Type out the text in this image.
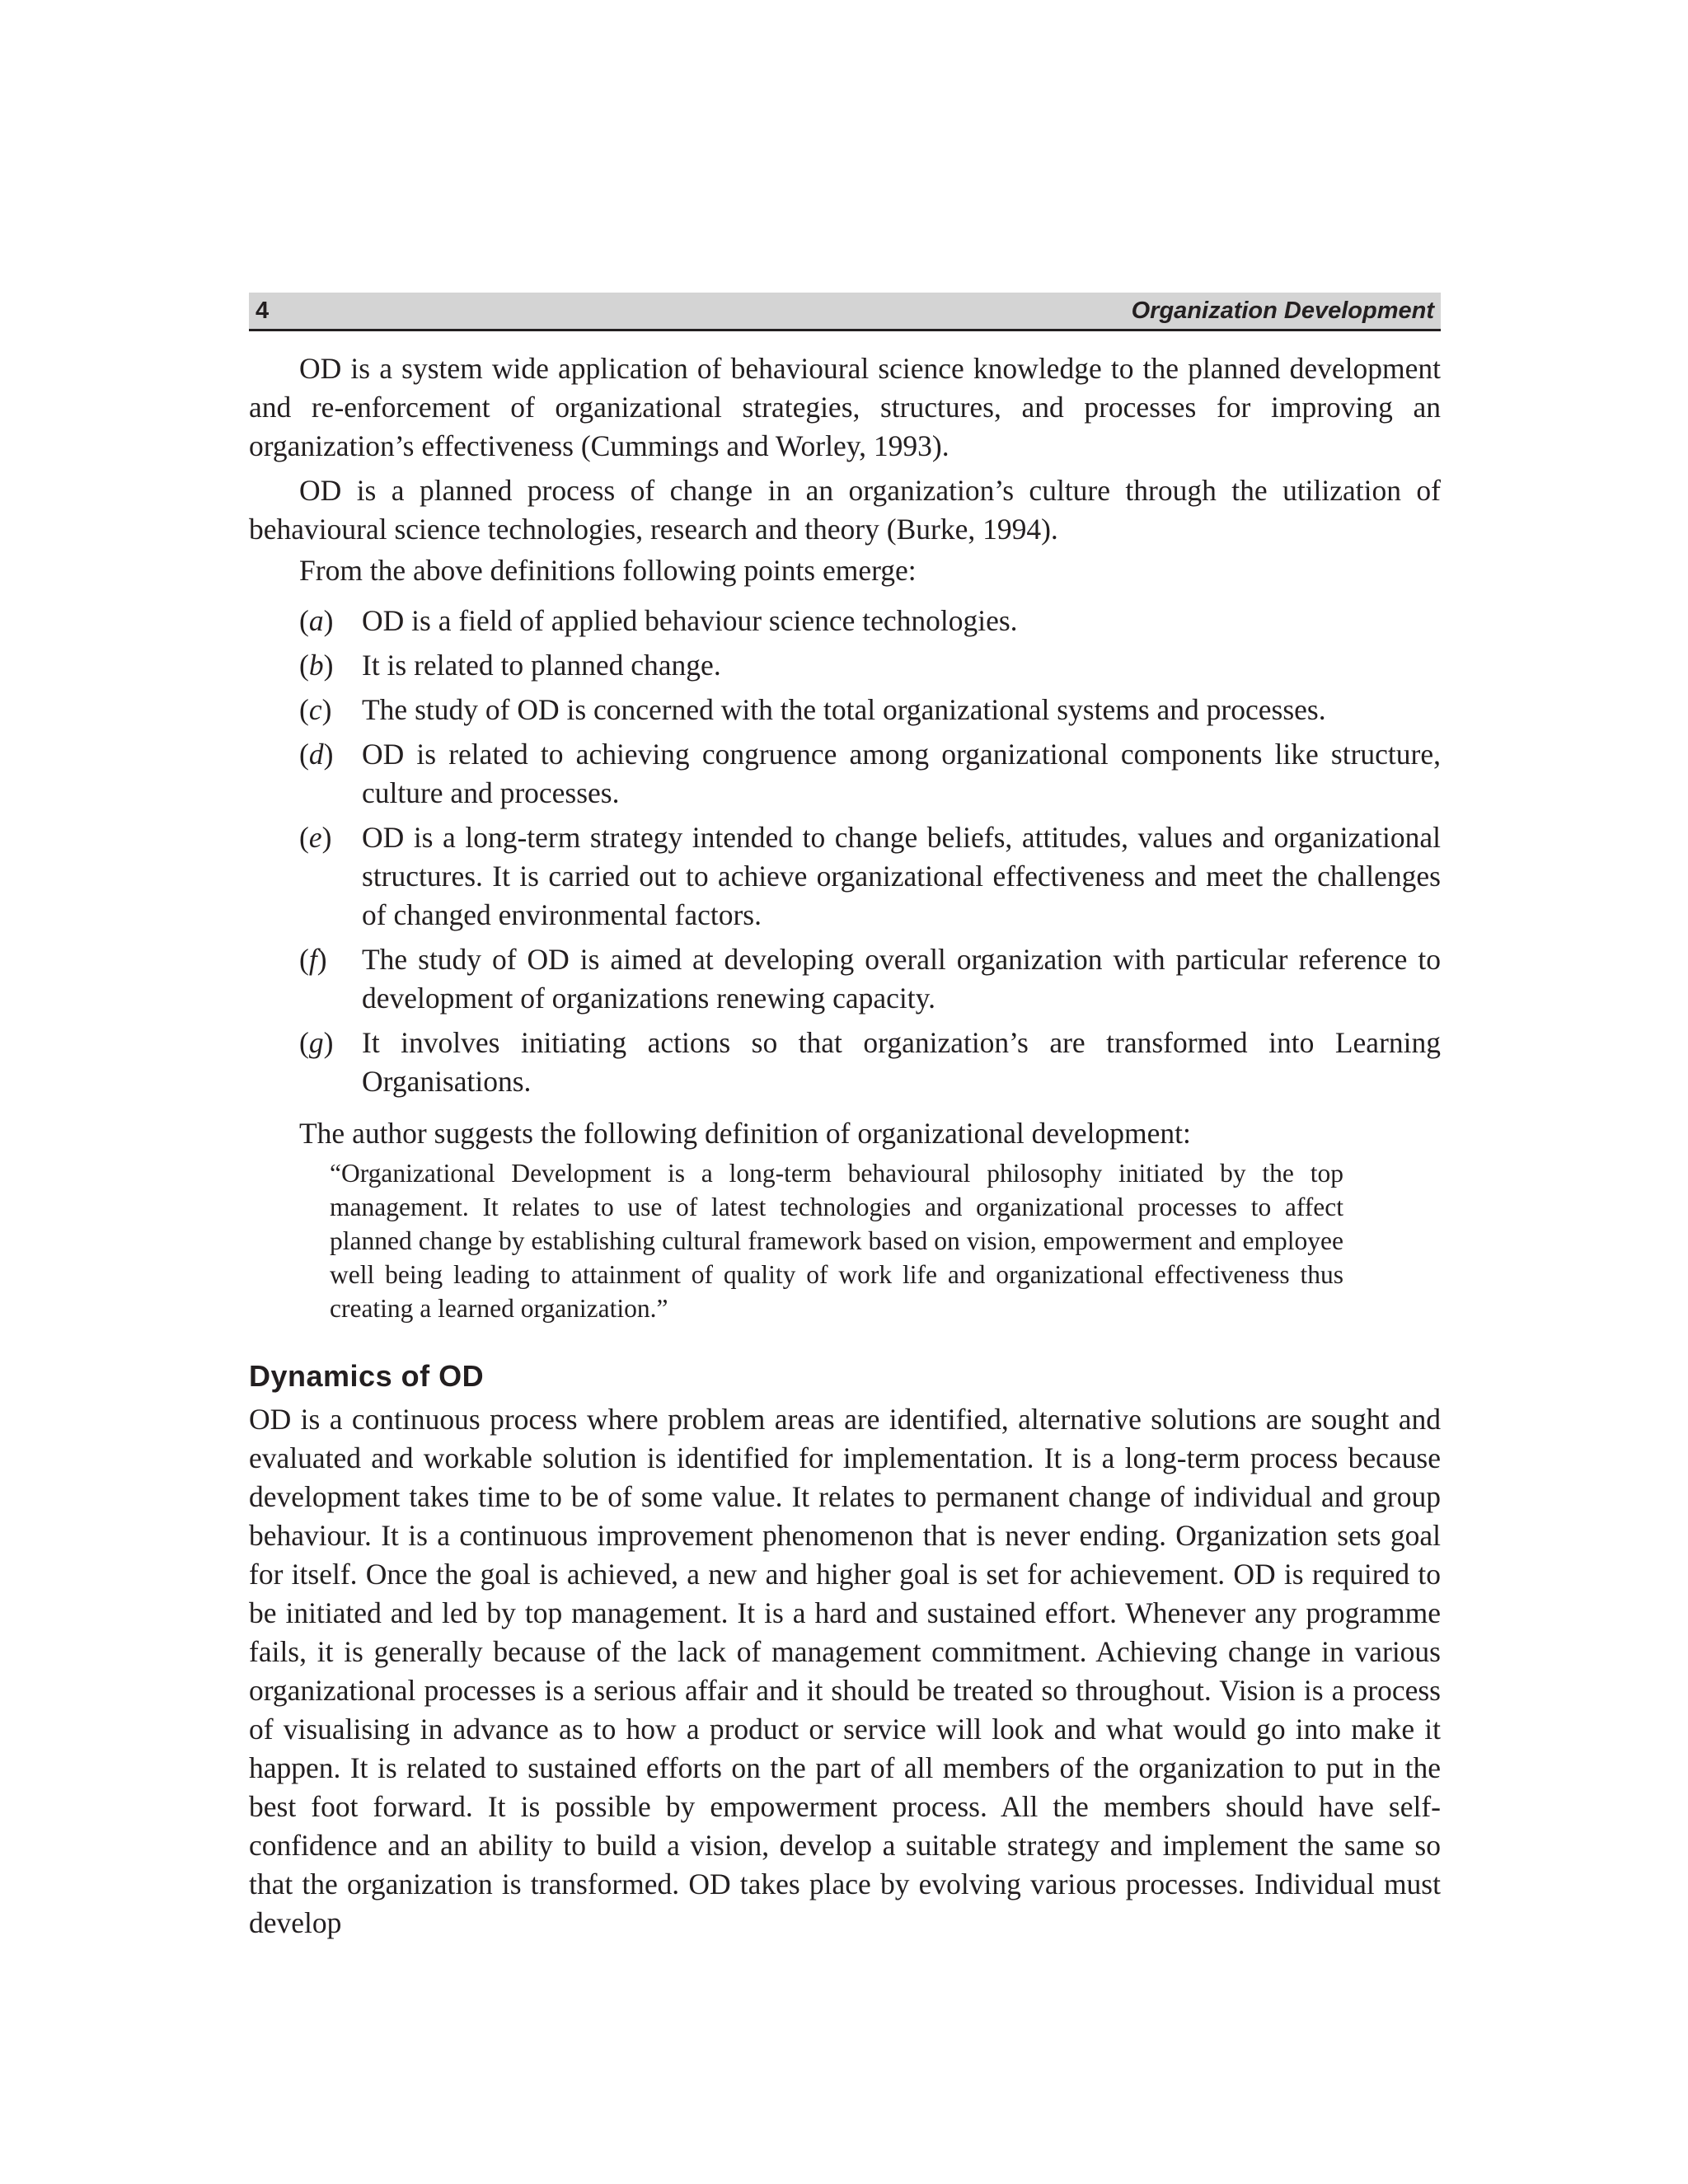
4	Organization Development

OD is a system wide application of behavioural science knowledge to the planned development and re-enforcement of organizational strategies, structures, and processes for improving an organization’s effectiveness (Cummings and Worley, 1993).

OD is a planned process of change in an organization’s culture through the utilization of behavioural science technologies, research and theory (Burke, 1994).

From the above definitions following points emerge:

(a) OD is a field of applied behaviour science technologies.
(b) It is related to planned change.
(c)	The study of OD is concerned with the total organizational systems and processes.
(d) OD is related to achieving congruence among organizational components like structure, culture and processes.
(e)	OD is a long-term strategy intended to change beliefs, attitudes, values and organizational structures. It is carried out to achieve organizational effectiveness and meet the challenges of changed environmental factors.
(f)	The study of OD is aimed at developing overall organization with particular reference to development of organizations renewing capacity.
(g) It involves initiating actions so that organization’s are transformed into Learning Organisations.

The author suggests the following definition of organizational development:

“Organizational Development is a long-term behavioural philosophy initiated by the top management. It relates to use of latest technologies and organizational processes to affect planned change by establishing cultural framework based on vision, empowerment and employee well being leading to attainment of quality of work life and organizational effectiveness thus creating a learned organization.”

Dynamics of OD

OD is a continuous process where problem areas are identified, alternative solutions are sought and evaluated and workable solution is identified for implementation. It is a long-term process because development takes time to be of some value. It relates to permanent change of individual and group behaviour. It is a continuous improvement phenomenon that is never ending. Organization sets goal for itself. Once the goal is achieved, a new and higher goal is set for achievement. OD is required to be initiated and led by top management. It is a hard and sustained effort. Whenever any programme fails, it is generally because of the lack of management commitment. Achieving change in various organizational processes is a serious affair and it should be treated so throughout. Vision is a process of visualising in advance as to how a product or service will look and what would go into make it happen. It is related to sustained efforts on the part of all members of the organization to put in the best foot forward. It is possible by empowerment process. All the members should have self-confidence and an ability to build a vision, develop a suitable strategy and implement the same so that the organization is transformed. OD takes place by evolving various processes. Individual must develop
